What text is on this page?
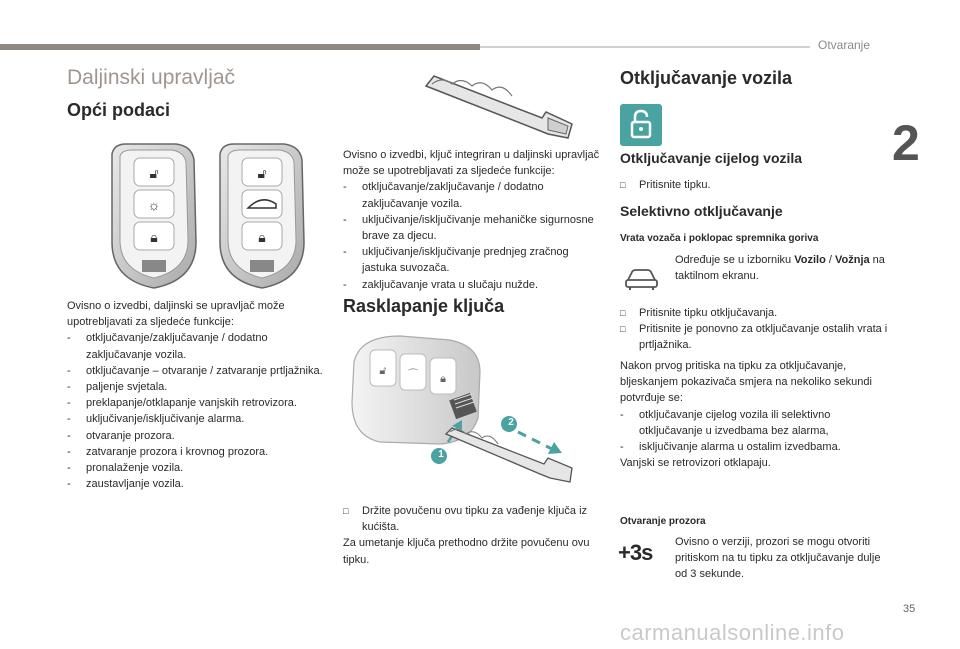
Otvaranje
2
Daljinski upravljač
Opći podaci
🔓︎
☼
🔒︎
🔓︎
🔒︎

Ovisno o izvedbi, daljinski se upravljač može upotrebljavati za sljedeće funkcije:

- otključavanje/zaključavanje / dodatno zaključavanje vozila.
- otključavanje – otvaranje / zatvaranje prtljažnika.
- paljenje svjetala.
- preklapanje/otklapanje vanjskih retrovizora.
- uključivanje/isključivanje alarma.
- otvaranje prozora.
- zatvaranje prozora i krovnog prozora.
- pronalaženje vozila.
- zaustavljanje vozila.

Ovisno o izvedbi, ključ integriran u daljinski upravljač može se upotrebljavati za sljedeće funkcije:

- otključavanje/zaključavanje / dodatno zaključavanje vozila.
- uključivanje/isključivanje mehaničke sigurnosne brave za djecu.
- uključivanje/isključivanje prednjeg zračnog jastuka suvozača.
- zaključavanje vrata u slučaju nužde.
Rasklapanje ključa
🔓︎ ⌒ 🔒︎
1
2
□ Držite povučenu ovu tipku za vađenje ključa iz kućišta.

Za umetanje ključa prethodno držite povučenu ovu tipku.

Otključavanje vozila
Otključavanje cijelog vozila
□ Pritisnite tipku.
Selektivno otključavanje
Vrata vozača i poklopac spremnika goriva
Određuje se u izborniku Vozilo / Vožnja na taktilnom ekranu.
□ Pritisnite tipku otključavanja.
□ Pritisnite je ponovno za otključavanje ostalih vrata i prtljažnika.

Nakon prvog pritiska na tipku za otključavanje, bljeskanjem pokazivača smjera na nekoliko sekundi potvrđuje se:

- otključavanje cijelog vozila ili selektivno otključavanje u izvedbama bez alarma,
- isključivanje alarma u ostalim izvedbama.

Vanjski se retrovizori otklapaju.

Otvaranje prozora
+3s	Ovisno o verziji, prozori se mogu otvoriti pritiskom na tu tipku za otključavanje dulje od 3 sekunde.
35
carmanualsonline.info
